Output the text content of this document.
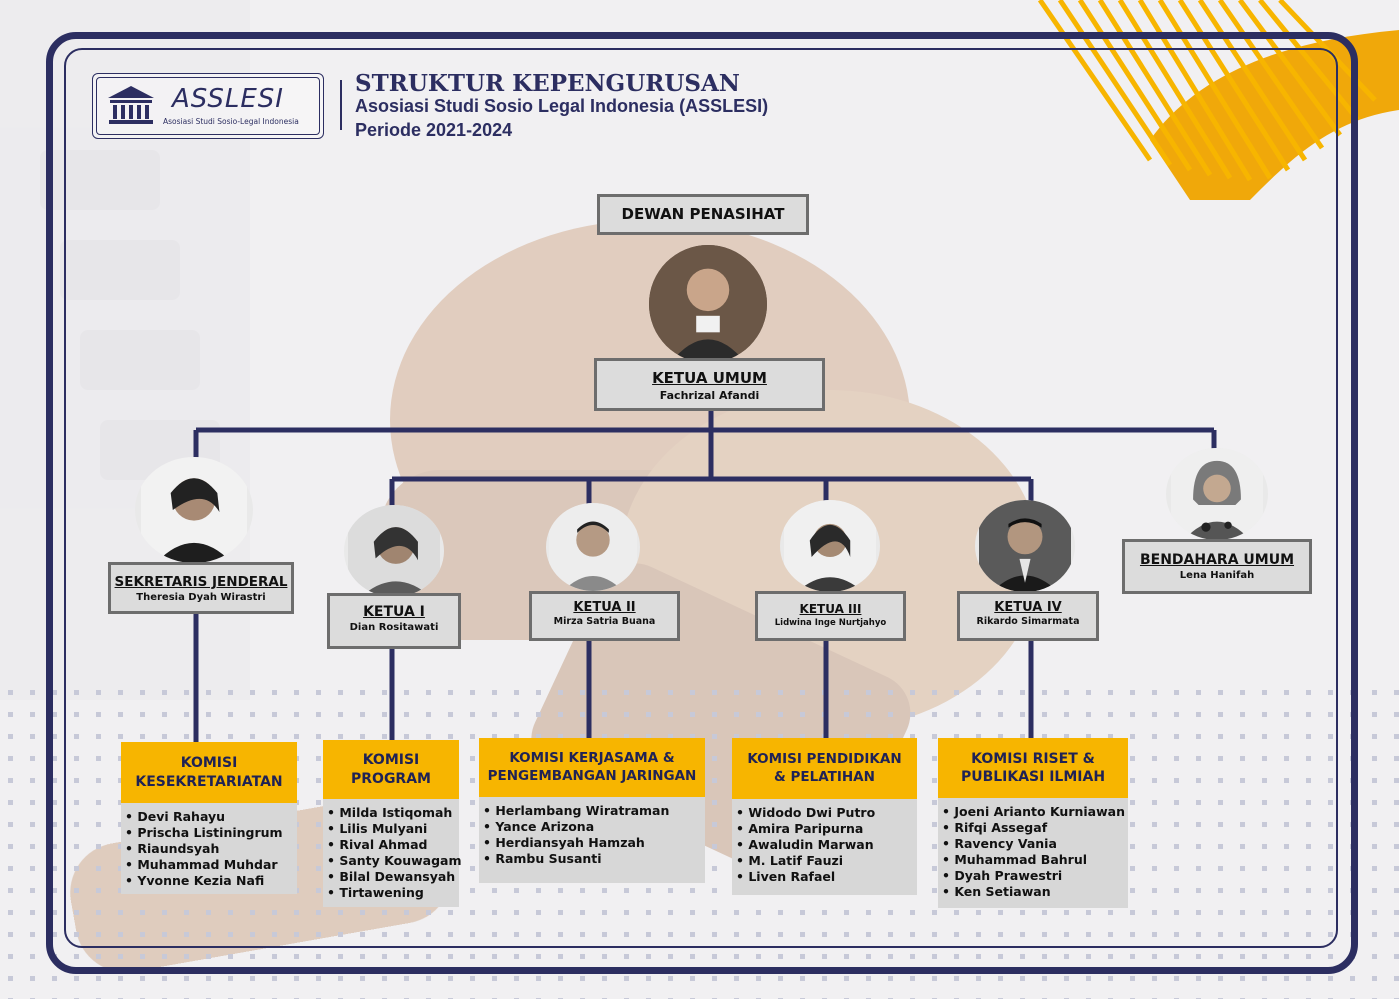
ASSLESI
Asosiasi Studi Sosio-Legal Indonesia
STRUKTUR KEPENGURUSAN
Asosiasi Studi Sosio Legal Indonesia (ASSLESI)
Periode 2021-2024
DEWAN PENASIHAT
KETUA UMUM
Fachrizal Afandi
SEKRETARIS JENDERAL
Theresia Dyah Wirastri
KETUA I
Dian Rositawati
KETUA II
Mirza Satria Buana
KETUA III
Lidwina Inge Nurtjahyo
KETUA IV
Rikardo Simarmata
BENDAHARA UMUM
Lena Hanifah
KOMISI
KESEKRETARIATAN
• Devi Rahayu
• Prischa Listiningrum
• Riaundsyah
• Muhammad Muhdar
• Yvonne Kezia Nafi
KOMISI
PROGRAM
• Milda Istiqomah
• Lilis Mulyani
• Rival Ahmad
• Santy Kouwagam
• Bilal Dewansyah
• Tirtawening
KOMISI KERJASAMA &
PENGEMBANGAN JARINGAN
• Herlambang Wiratraman
• Yance Arizona
• Herdiansyah Hamzah
• Rambu Susanti
KOMISI PENDIDIKAN
& PELATIHAN
• Widodo Dwi Putro
• Amira Paripurna
• Awaludin Marwan
• M. Latif Fauzi
• Liven Rafael
KOMISI RISET &
PUBLIKASI ILMIAH
• Joeni Arianto Kurniawan
• Rifqi Assegaf
• Ravency Vania
• Muhammad Bahrul
• Dyah Prawestri
• Ken Setiawan
